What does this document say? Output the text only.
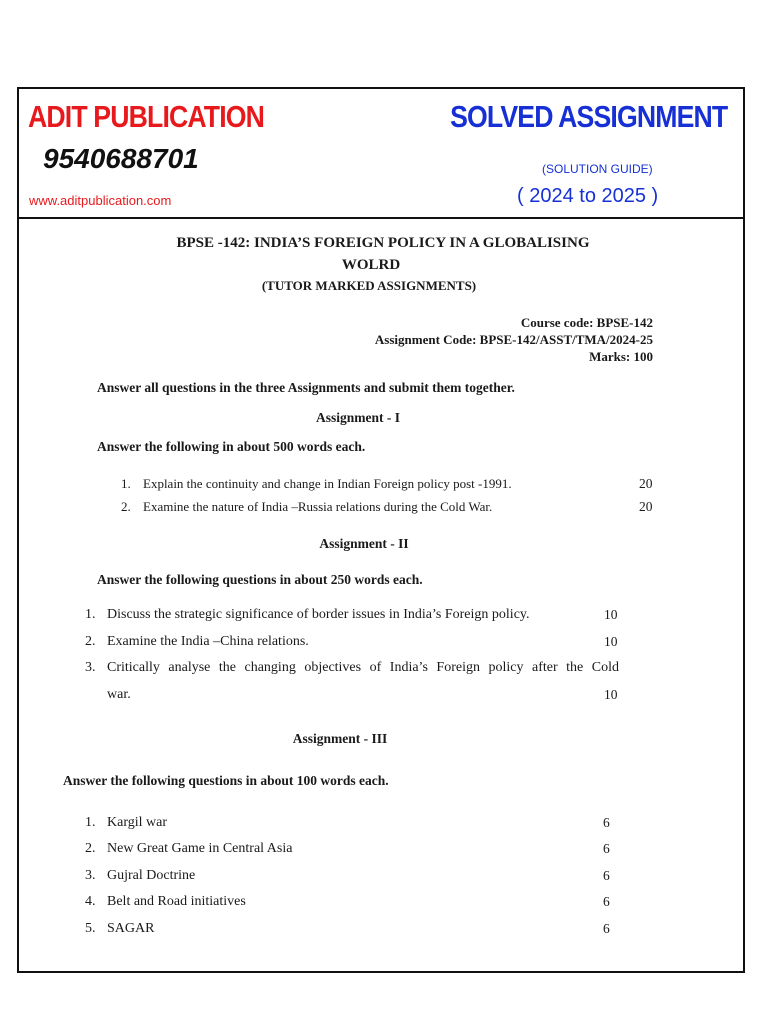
ADIT PUBLICATION
9540688701
www.aditpublication.com
SOLVED ASSIGNMENT
(SOLUTION GUIDE)
( 2024 to 2025 )
BPSE -142: INDIA’S FOREIGN POLICY IN A GLOBALISING
WOLRD
(TUTOR MARKED ASSIGNMENTS)
Course code: BPSE-142
Assignment Code: BPSE-142/ASST/TMA/2024-25
Marks: 100
Answer all questions in the three Assignments and submit them together.
Assignment - I
Answer the following in about 500 words each.
1. Explain the continuity and change in Indian Foreign policy post -1991.	20
2. Examine the nature of India –Russia relations during the Cold War.	20
Assignment - II
Answer the following questions in about 250 words each.
1. Discuss the strategic significance of border issues in India’s Foreign policy.	10
2. Examine the India –China relations.	10
3. Critically analyse the changing objectives of India’s Foreign policy after the Cold
war.	10
Assignment - III
Answer the following questions in about 100 words each.
1. Kargil war	6
2. New Great Game in Central Asia	6
3. Gujral Doctrine	6
4. Belt and Road initiatives	6
5. SAGAR	6
